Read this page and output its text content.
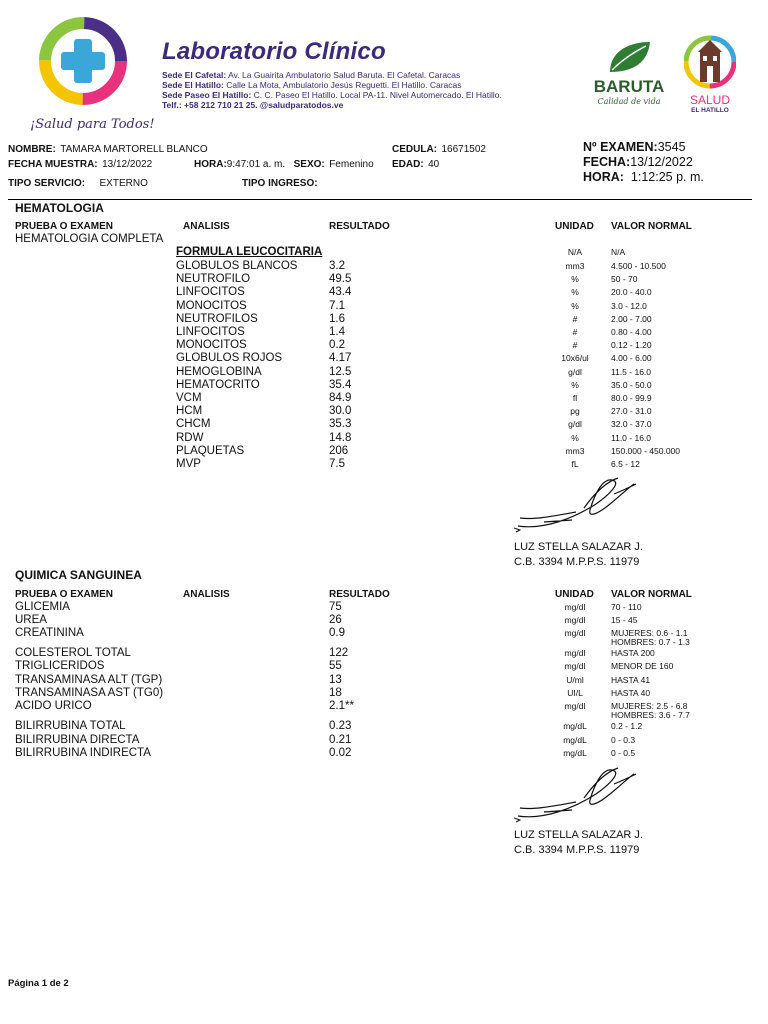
¡Salud para Todos!
Laboratorio Clínico
Sede El Cafetal: Av. La Guairita Ambulatorio Salud Baruta. El Cafetal. Caracas
Sede El Hatillo: Calle La Mota, Ambulatorio Jesús Reguetti. El Hatillo. Caracas
Sede Paseo El Hatillo: C. C. Paseo El Hatillo. Local PA-11. Nivel Automercado. El Hatillo.
Telf.: +58 212 710 21 25. @saludparatodos.ve
BARUTA
Calidad de vida	SALUD
EL HATILLO
NOMBRE: TAMARA MARTORELL BLANCO	CEDULA: 16671502
FECHA MUESTRA: 13/12/2022	HORA:9:47:01 a. m. SEXO: Femenino EDAD: 40
TIPO SERVICIO: EXTERNO	TIPO INGRESO:
Nº EXAMEN:3545
FECHA:13/12/2022
HORA: 1:12:25 p. m.
HEMATOLOGIA
PRUEBA O EXAMEN	ANALISIS	RESULTADO	UNIDAD VALOR NORMAL
HEMATOLOGIA COMPLETA
FORMULA LEUCOCITARIA	N/A	N/A
GLOBULOS BLANCOS	3.2	mm3	4.500 - 10.500
NEUTROFILO	49.5	%	50 - 70
LINFOCITOS	43.4	%	20.0 - 40.0
MONOCITOS	7.1	%	3.0 - 12.0
NEUTROFILOS	1.6	#	2.00 - 7.00
LINFOCITOS	1.4	#	0.80 - 4.00
MONOCITOS	0.2	#	0.12 - 1.20
GLOBULOS ROJOS	4.17	10x6/ul	4.00 - 6.00
HEMOGLOBINA	12.5	g/dl	11.5 - 16.0
HEMATOCRITO	35.4	%	35.0 - 50.0
VCM	84.9	fl	80.0 - 99.9
HCM	30.0	pg	27.0 - 31.0
CHCM	35.3	g/dl	32.0 - 37.0
RDW	14.8	%	11.0 - 16.0
PLAQUETAS	206	mm3	150.000 - 450.000
MVP	7.5	fL	6.5 - 12
LUZ STELLA SALAZAR J.
C.B. 3394 M.P.P.S. 11979
QUIMICA SANGUINEA
PRUEBA O EXAMEN	ANALISIS	RESULTADO	UNIDAD VALOR NORMAL
GLICEMIA	75	mg/dl	70 - 110
UREA	26	mg/dl	15 - 45
CREATININA	0.9	mg/dl	MUJERES: 0.6 - 1.1
HOMBRES: 0.7 - 1.3
COLESTEROL TOTAL	122	mg/dl	HASTA 200
TRIGLICERIDOS	55	mg/dl	MENOR DE 160
TRANSAMINASA ALT (TGP)	13	U/ml	HASTA 41
TRANSAMINASA AST (TG0)	18	UI/L	HASTA 40
ACIDO URICO	2.1**	mg/dl	MUJERES: 2.5 - 6.8
HOMBRES: 3.6 - 7.7
BILIRRUBINA TOTAL	0.23	mg/dL	0.2 - 1.2
BILIRRUBINA DIRECTA	0.21	mg/dL	0 - 0.3
BILIRRUBINA INDIRECTA	0.02	mg/dL	0 - 0.5
LUZ STELLA SALAZAR J.
C.B. 3394 M.P.P.S. 11979
Página 1 de 2
